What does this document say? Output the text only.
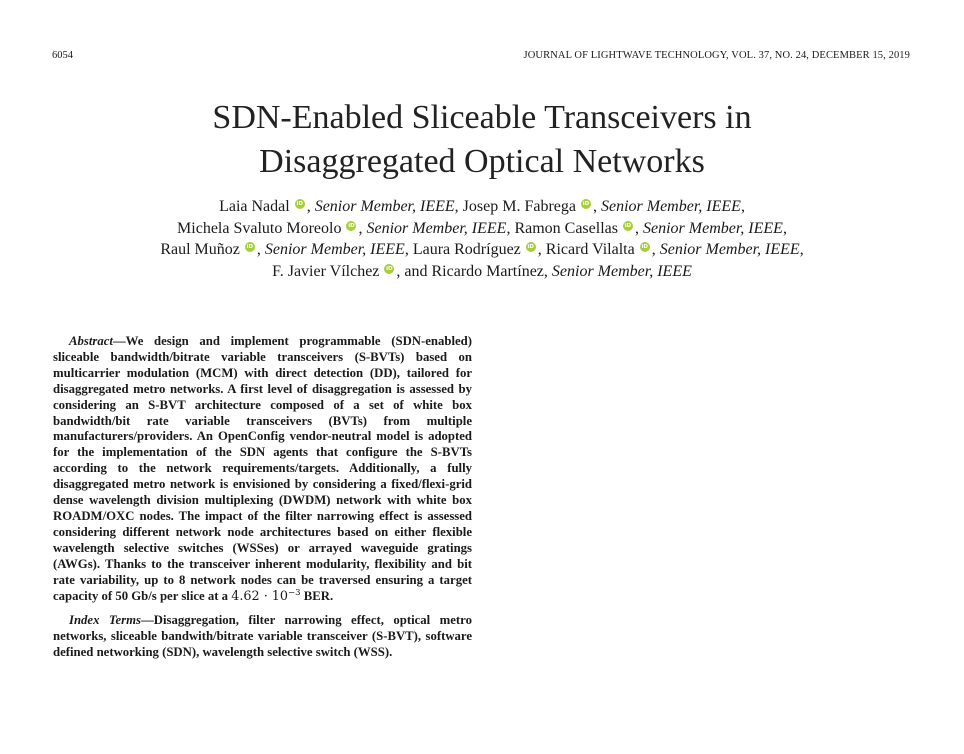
6054	JOURNAL OF LIGHTWAVE TECHNOLOGY, VOL. 37, NO. 24, DECEMBER 15, 2019
SDN-Enabled Sliceable Transceivers in
Disaggregated Optical Networks
Laia Nadal iD , Senior Member, IEEE, Josep M. Fabrega iD , Senior Member, IEEE,
Michela Svaluto Moreolo iD , Senior Member, IEEE, Ramon Casellas iD , Senior Member, IEEE,
Raul Muñoz iD , Senior Member, IEEE, Laura Rodríguez iD , Ricard Vilalta iD , Senior Member, IEEE,
F. Javier Vílchez iD , and Ricardo Martínez, Senior Member, IEEE

Abstract—We design and implement programmable (SDN-enabled) sliceable bandwidth/bitrate variable transceivers (S-BVTs) based on multicarrier modulation (MCM) with direct detection (DD), tailored for disaggregated metro networks. A first level of disaggregation is assessed by considering an S-BVT architecture composed of a set of white box bandwidth/bit rate variable transceivers (BVTs) from multiple manufacturers/providers. An OpenConfig vendor-neutral model is adopted for the implementation of the SDN agents that configure the S-BVTs according to the network requirements/targets. Additionally, a fully disaggregated metro network is envisioned by considering a fixed/flexi-grid dense wavelength division multiplexing (DWDM) network with white box ROADM/OXC nodes. The impact of the filter narrowing effect is assessed considering different network node architectures based on either flexible wavelength selective switches (WSSes) or arrayed waveguide gratings (AWGs). Thanks to the transceiver inherent modularity, flexibility and bit rate variability, up to 8 network nodes can be traversed ensuring a target capacity of 50 Gb/s per slice at a $4.62 \cdot 10^{-3}$ BER.

Index Terms—Disaggregation, filter narrowing effect, optical metro networks, sliceable bandwith/bitrate variable transceiver (S-BVT), software defined networking (SDN), wavelength selective switch (WSS).
